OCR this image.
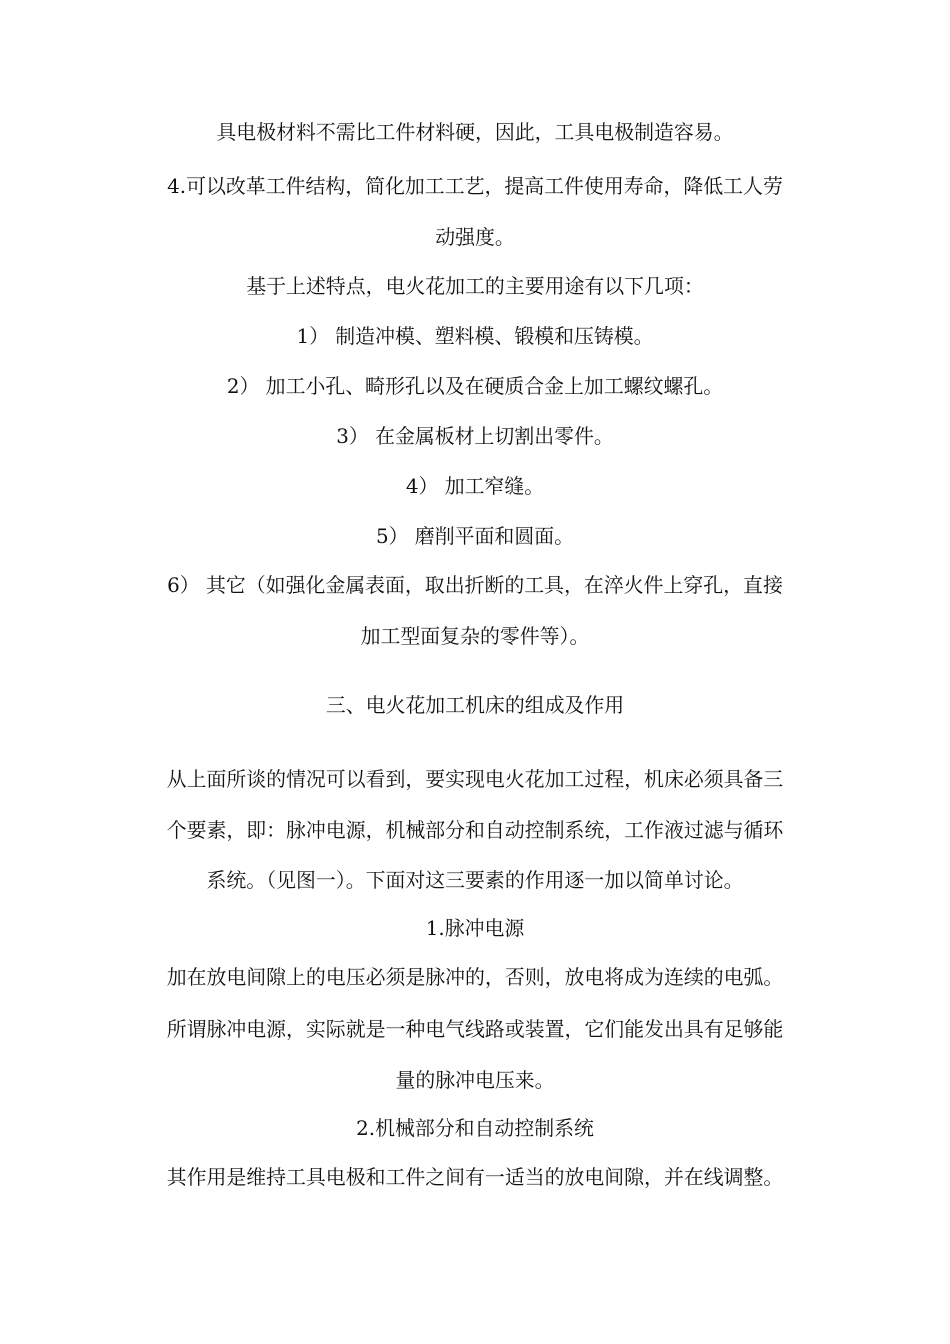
具电极材料不需比工件材料硬，因此，工具电极制造容易。

4.可以改革工件结构，简化加工工艺，提高工件使用寿命，降低工人劳

动强度。

基于上述特点，电火花加工的主要用途有以下几项：

1） 制造冲模、塑料模、锻模和压铸模。

2） 加工小孔、畸形孔以及在硬质合金上加工螺纹螺孔。

3） 在金属板材上切割出零件。

4） 加工窄缝。

5） 磨削平面和圆面。

6） 其它（如强化金属表面，取出折断的工具，在淬火件上穿孔，直接

加工型面复杂的零件等）。

三、电火花加工机床的组成及作用

从上面所谈的情况可以看到，要实现电火花加工过程，机床必须具备三

个要素，即：脉冲电源，机械部分和自动控制系统，工作液过滤与循环

系统。（见图一）。下面对这三要素的作用逐一加以简单讨论。

1.脉冲电源

加在放电间隙上的电压必须是脉冲的，否则，放电将成为连续的电弧。

所谓脉冲电源，实际就是一种电气线路或装置，它们能发出具有足够能

量的脉冲电压来。

2.机械部分和自动控制系统

其作用是维持工具电极和工件之间有一适当的放电间隙，并在线调整。
